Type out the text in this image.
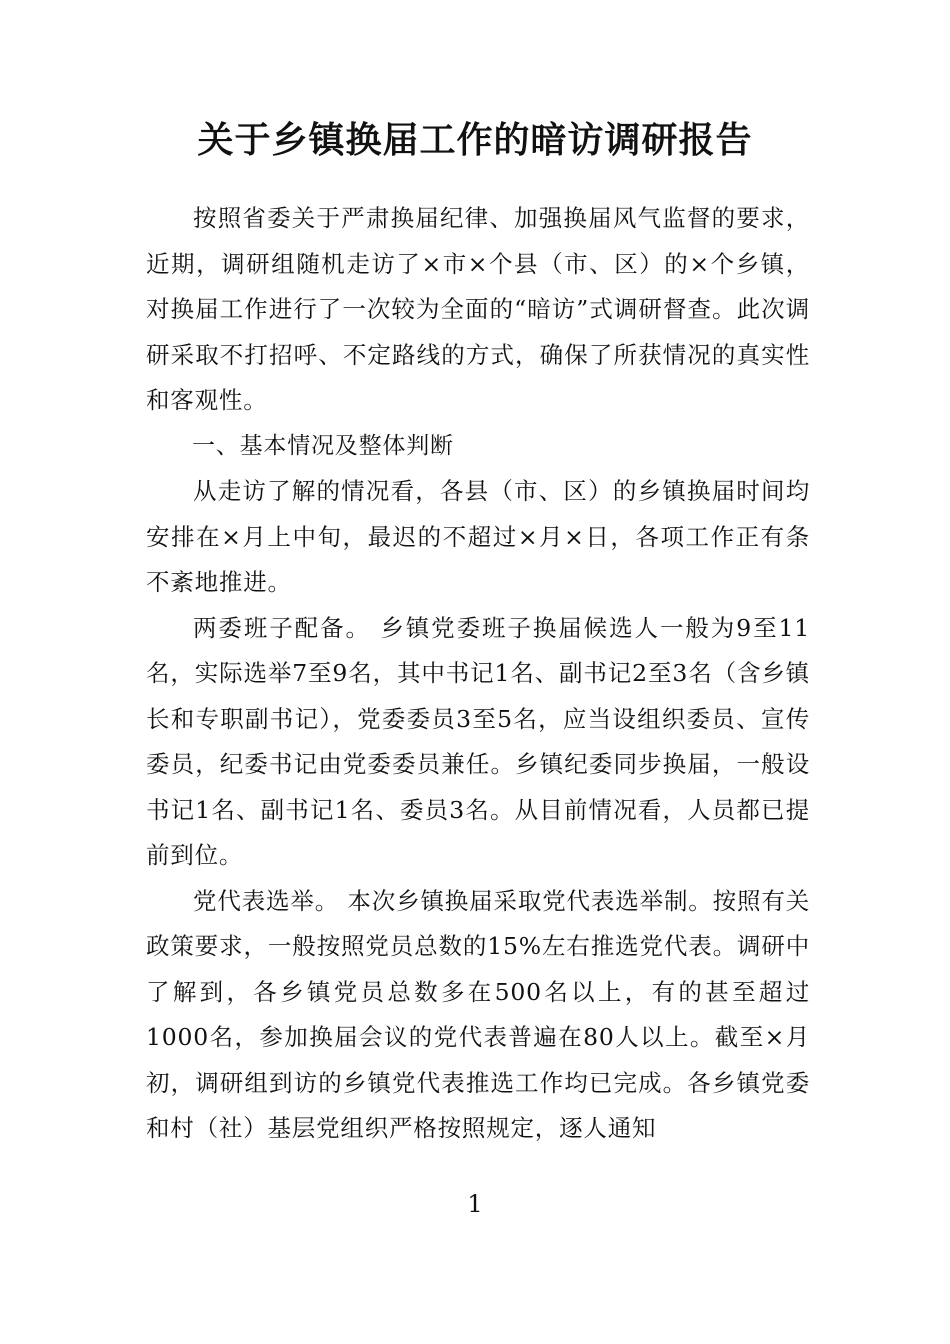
关于乡镇换届工作的暗访调研报告

按照省委关于严肃换届纪律、加强换届风气监督的要求，近期，调研组随机走访了×市×个县（市、区）的×个乡镇，对换届工作进行了一次较为全面的“暗访”式调研督查。此次调研采取不打招呼、不定路线的方式，确保了所获情况的真实性和客观性。

一、基本情况及整体判断

从走访了解的情况看，各县（市、区）的乡镇换届时间均安排在×月上中旬，最迟的不超过×月×日，各项工作正有条不紊地推进。

两委班子配备。 乡镇党委班子换届候选人一般为9至11名，实际选举7至9名，其中书记1名、副书记2至3名（含乡镇长和专职副书记），党委委员3至5名，应当设组织委员、宣传委员，纪委书记由党委委员兼任。乡镇纪委同步换届，一般设书记1名、副书记1名、委员3名。从目前情况看，人员都已提前到位。

党代表选举。 本次乡镇换届采取党代表选举制。按照有关政策要求，一般按照党员总数的15%左右推选党代表。调研中了解到，各乡镇党员总数多在500名以上，有的甚至超过1000名，参加换届会议的党代表普遍在80人以上。截至×月初，调研组到访的乡镇党代表推选工作均已完成。各乡镇党委和村（社）基层党组织严格按照规定，逐人通知

1
